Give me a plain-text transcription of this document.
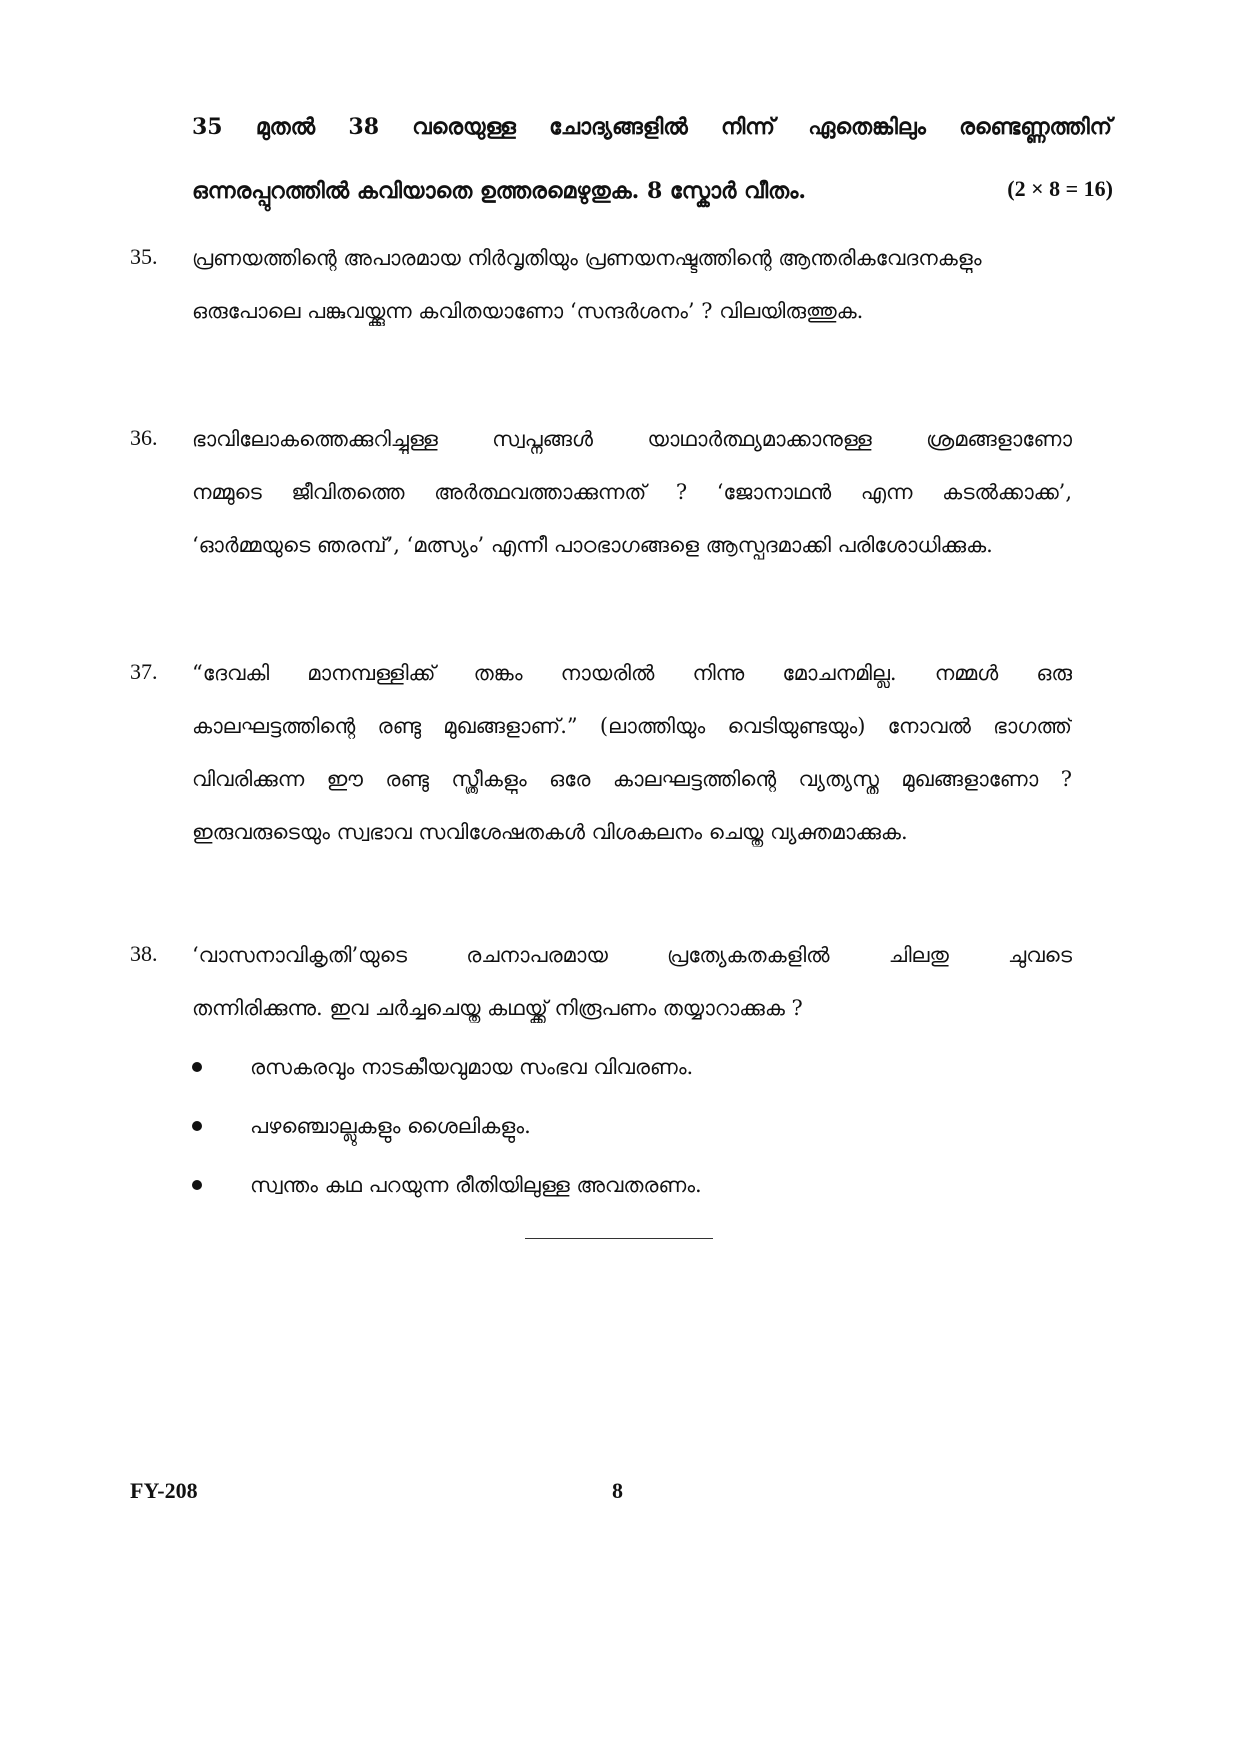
35 മുതൽ 38 വരെയുള്ള ചോദ്യങ്ങളിൽ നിന്ന് ഏതെങ്കിലും രണ്ടെണ്ണത്തിന്
ഒന്നരപ്പുറത്തിൽ കവിയാതെ ഉത്തരമെഴുതുക. 8 സ്കോർ വീതം.	(2 × 8 = 16)
35. പ്രണയത്തിന്റെ അപാരമായ നിർവൃതിയും പ്രണയനഷ്ടത്തിന്റെ ആന്തരികവേദനകളും
ഒരുപോലെ പങ്കുവയ്ക്കുന്ന കവിതയാണോ ‘സന്ദർശനം’ ? വിലയിരുത്തുക.
36. ഭാവിലോകത്തെക്കുറിച്ചുള്ള സ്വപ്നങ്ങൾ യാഥാർത്ഥ്യമാക്കാനുള്ള ശ്രമങ്ങളാണോ
നമ്മുടെ ജീവിതത്തെ അർത്ഥവത്താക്കുന്നത് ? ‘ജോനാഥൻ എന്ന കടൽക്കാക്ക’,
‘ഓർമ്മയുടെ ഞരമ്പ്’, ‘മത്സ്യം’ എന്നീ പാഠഭാഗങ്ങളെ ആസ്പദമാക്കി പരിശോധിക്കുക.
37. “ദേവകി മാനമ്പള്ളിക്ക് തങ്കം നായരിൽ നിന്നു മോചനമില്ല. നമ്മൾ ഒരു
കാലഘട്ടത്തിന്റെ രണ്ടു മുഖങ്ങളാണ്.” (ലാത്തിയും വെടിയുണ്ടയും) നോവൽ ഭാഗത്ത്
വിവരിക്കുന്ന ഈ രണ്ടു സ്ത്രീകളും ഒരേ കാലഘട്ടത്തിന്റെ വ്യത്യസ്ത മുഖങ്ങളാണോ ?
ഇരുവരുടെയും സ്വഭാവ സവിശേഷതകൾ വിശകലനം ചെയ്തു വ്യക്തമാക്കുക.
38. ‘വാസനാവികൃതി’യുടെ രചനാപരമായ പ്രത്യേകതകളിൽ ചിലതു ചുവടെ
തന്നിരിക്കുന്നു. ഇവ ചർച്ചചെയ്തു കഥയ്ക്ക് നിരൂപണം തയ്യാറാക്കുക ?
രസകരവും നാടകീയവുമായ സംഭവ വിവരണം.
പഴഞ്ചൊല്ലുകളും ശൈലികളും.
സ്വന്തം കഥ പറയുന്ന രീതിയിലുള്ള അവതരണം.
FY-208	8
